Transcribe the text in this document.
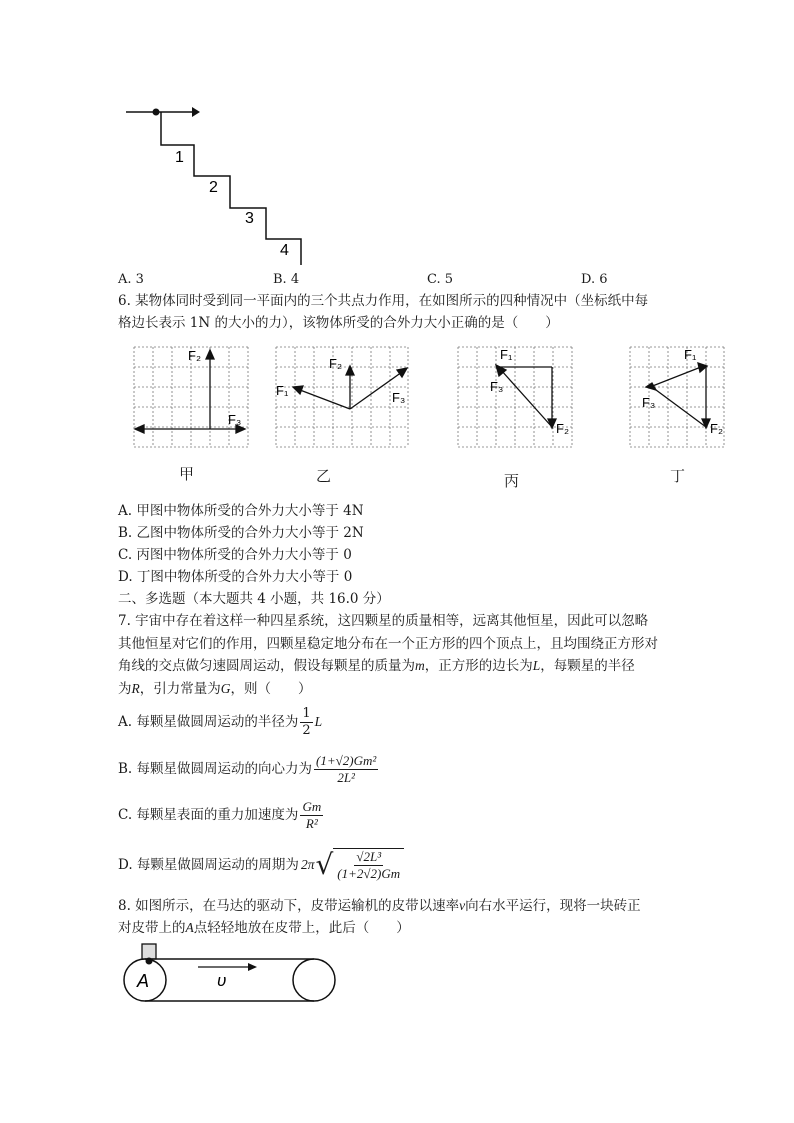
1
2
3
4
A. 3	B. 4	C. 5	D. 6
6. 某物体同时受到同一平面内的三个共点力作用，在如图所示的四种情况中（坐标纸中每
格边长表示 1N 的大小的力），该物体所受的合外力大小正确的是（　　）
F₂
F₃
甲
F₂
F₁	F₃
乙
F₁
F₃
F₂
丙
F₁
F₃
F₂
丁
A. 甲图中物体所受的合外力大小等于 4N
B. 乙图中物体所受的合外力大小等于 2N
C. 丙图中物体所受的合外力大小等于 0
D. 丁图中物体所受的合外力大小等于 0
二、多选题（本大题共 4 小题，共 16.0 分）
7. 宇宙中存在着这样一种四星系统，这四颗星的质量相等，远离其他恒星，因此可以忽略
其他恒星对它们的作用，四颗星稳定地分布在一个正方形的四个顶点上，且均围绕正方形对
角线的交点做匀速圆周运动，假设每颗星的质量为m，正方形的边长为L，每颗星的半径
为R，引力常量为G，则（　　）
A. 每颗星做圆周运动的半径为 $\frac{1}{2}$ L
B. 每颗星做圆周运动的向心力为 $\frac{\text{(1+√2)Gm²}}{\text{2L²}}$
C. 每颗星表面的重力加速度为 $\frac{Gm}{\text{R²}}$
D. 每颗星做圆周运动的周期为 2π √ $\frac{\text{√2L³}}{(1+2√2)Gm}$
8. 如图所示，在马达的驱动下，皮带运输机的皮带以速率v向右水平运行，现将一块砖正
对皮带上的A点轻轻地放在皮带上，此后（　　）
A	υ
